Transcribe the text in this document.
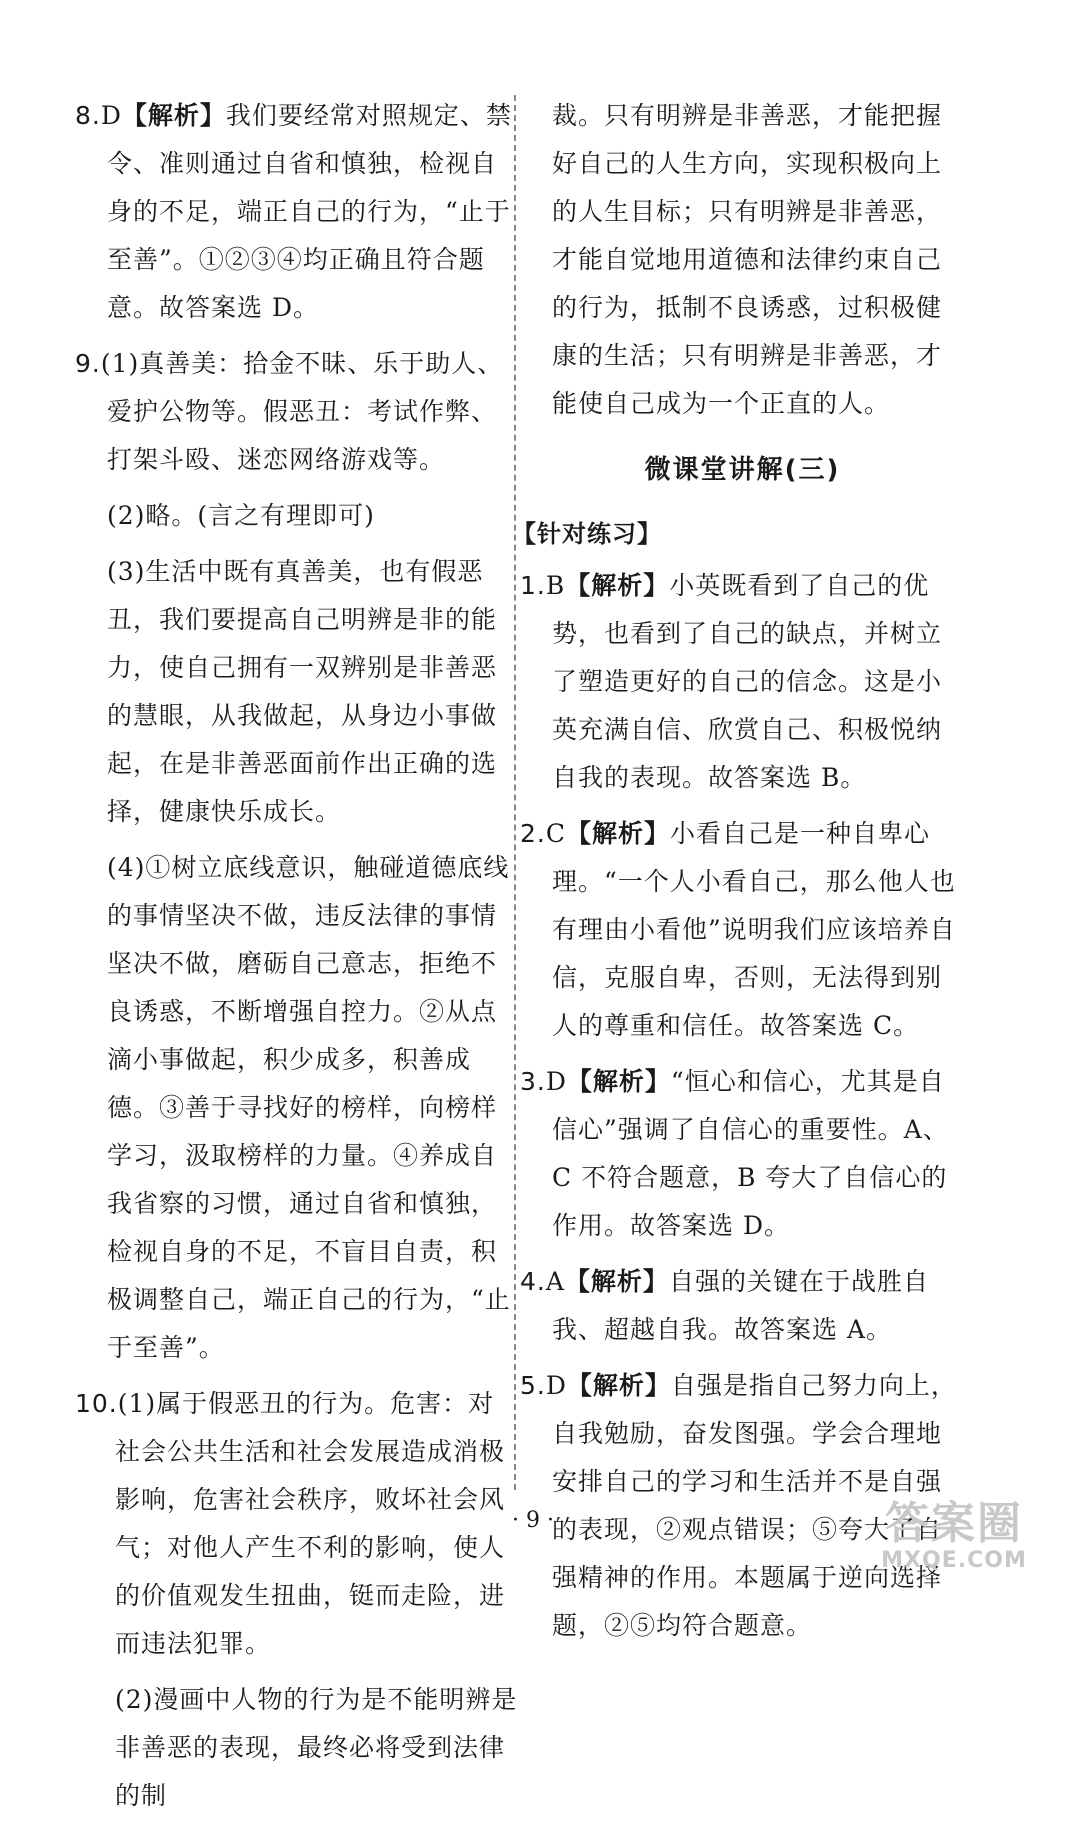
8.D【解析】我们要经常对照规定、禁令、准则通过自省和慎独，检视自身的不足，端正自己的行为，“止于至善”。①②③④均正确且符合题意。故答案选 D。
9.(1)真善美：拾金不昧、乐于助人、爱护公物等。假恶丑：考试作弊、打架斗殴、迷恋网络游戏等。
(2)略。(言之有理即可)
(3)生活中既有真善美，也有假恶丑，我们要提高自己明辨是非的能力，使自己拥有一双辨别是非善恶的慧眼，从我做起，从身边小事做起，在是非善恶面前作出正确的选择，健康快乐成长。
(4)①树立底线意识，触碰道德底线的事情坚决不做，违反法律的事情坚决不做，磨砺自己意志，拒绝不良诱惑，不断增强自控力。②从点滴小事做起，积少成多，积善成德。③善于寻找好的榜样，向榜样学习，汲取榜样的力量。④养成自我省察的习惯，通过自省和慎独，检视自身的不足，不盲目自责，积极调整自己，端正自己的行为，“止于至善”。
10.(1)属于假恶丑的行为。危害：对社会公共生活和社会发展造成消极影响，危害社会秩序，败坏社会风气；对他人产生不利的影响，使人的价值观发生扭曲，铤而走险，进而违法犯罪。
(2)漫画中人物的行为是不能明辨是非善恶的表现，最终必将受到法律的制
裁。只有明辨是非善恶，才能把握好自己的人生方向，实现积极向上的人生目标；只有明辨是非善恶，才能自觉地用道德和法律约束自己的行为，抵制不良诱惑，过积极健康的生活；只有明辨是非善恶，才能使自己成为一个正直的人。
微课堂讲解(三)
【针对练习】
1.B【解析】小英既看到了自己的优势，也看到了自己的缺点，并树立了塑造更好的自己的信念。这是小英充满自信、欣赏自己、积极悦纳自我的表现。故答案选 B。
2.C【解析】小看自己是一种自卑心理。“一个人小看自己，那么他人也有理由小看他”说明我们应该培养自信，克服自卑，否则，无法得到别人的尊重和信任。故答案选 C。
3.D【解析】“恒心和信心，尤其是自信心”强调了自信心的重要性。A、C 不符合题意，B 夸大了自信心的作用。故答案选 D。
4.A【解析】自强的关键在于战胜自我、超越自我。故答案选 A。
5.D【解析】自强是指自己努力向上，自我勉励，奋发图强。学会合理地安排自己的学习和生活并不是自强的表现，②观点错误；⑤夸大了自强精神的作用。本题属于逆向选择题，②⑤均符合题意。
· 9 ·	答案圈
MXQE.COM
